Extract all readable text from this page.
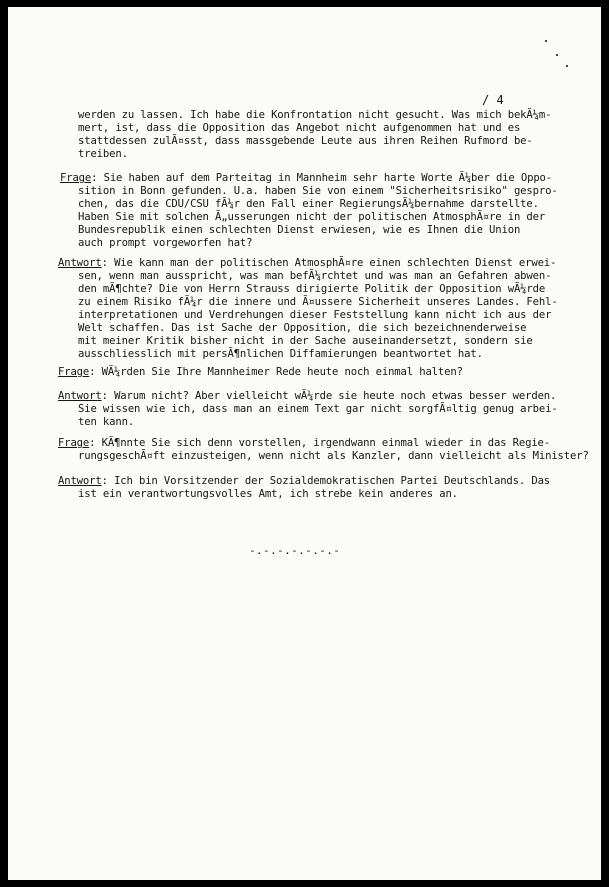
/ 4
werden zu lassen. Ich habe die Konfrontation nicht gesucht. Was mich bekÃ¼m-
mert, ist, dass die Opposition das Angebot nicht aufgenommen hat und es
stattdessen zulÃ¤sst, dass massgebende Leute aus ihren Reihen Rufmord be-
treiben.
Frage: Sie haben auf dem Parteitag in Mannheim sehr harte Worte Ã¼ber die Oppo-
sition in Bonn gefunden. U.a. haben Sie von einem "Sicherheitsrisiko" gespro-
chen, das die CDU/CSU fÃ¼r den Fall einer RegierungsÃ¼bernahme darstellte.
Haben Sie mit solchen Ã„usserungen nicht der politischen AtmosphÃ¤re in der
Bundesrepublik einen schlechten Dienst erwiesen, wie es Ihnen die Union
auch prompt vorgeworfen hat?
Antwort: Wie kann man der politischen AtmosphÃ¤re einen schlechten Dienst erwei-
sen, wenn man ausspricht, was man befÃ¼rchtet und was man an Gefahren abwen-
den mÃ¶chte? Die von Herrn Strauss dirigierte Politik der Opposition wÃ¼rde
zu einem Risiko fÃ¼r die innere und Ã¤ussere Sicherheit unseres Landes. Fehl-
interpretationen und Verdrehungen dieser Feststellung kann nicht ich aus der
Welt schaffen. Das ist Sache der Opposition, die sich bezeichnenderweise
mit meiner Kritik bisher nicht in der Sache auseinandersetzt, sondern sie
ausschliesslich mit persÃ¶nlichen Diffamierungen beantwortet hat.
Frage: WÃ¼rden Sie Ihre Mannheimer Rede heute noch einmal halten?
Antwort: Warum nicht? Aber vielleicht wÃ¼rde sie heute noch etwas besser werden.
Sie wissen wie ich, dass man an einem Text gar nicht sorgfÃ¤ltig genug arbei-
ten kann.
Frage: KÃ¶nnte Sie sich denn vorstellen, irgendwann einmal wieder in das Regie-
rungsgeschÃ¤ft einzusteigen, wenn nicht als Kanzler, dann vielleicht als Minister?
Antwort: Ich bin Vorsitzender der Sozialdemokratischen Partei Deutschlands. Das
ist ein verantwortungsvolles Amt, ich strebe kein anderes an.
-.-.-.-.-.-.-
